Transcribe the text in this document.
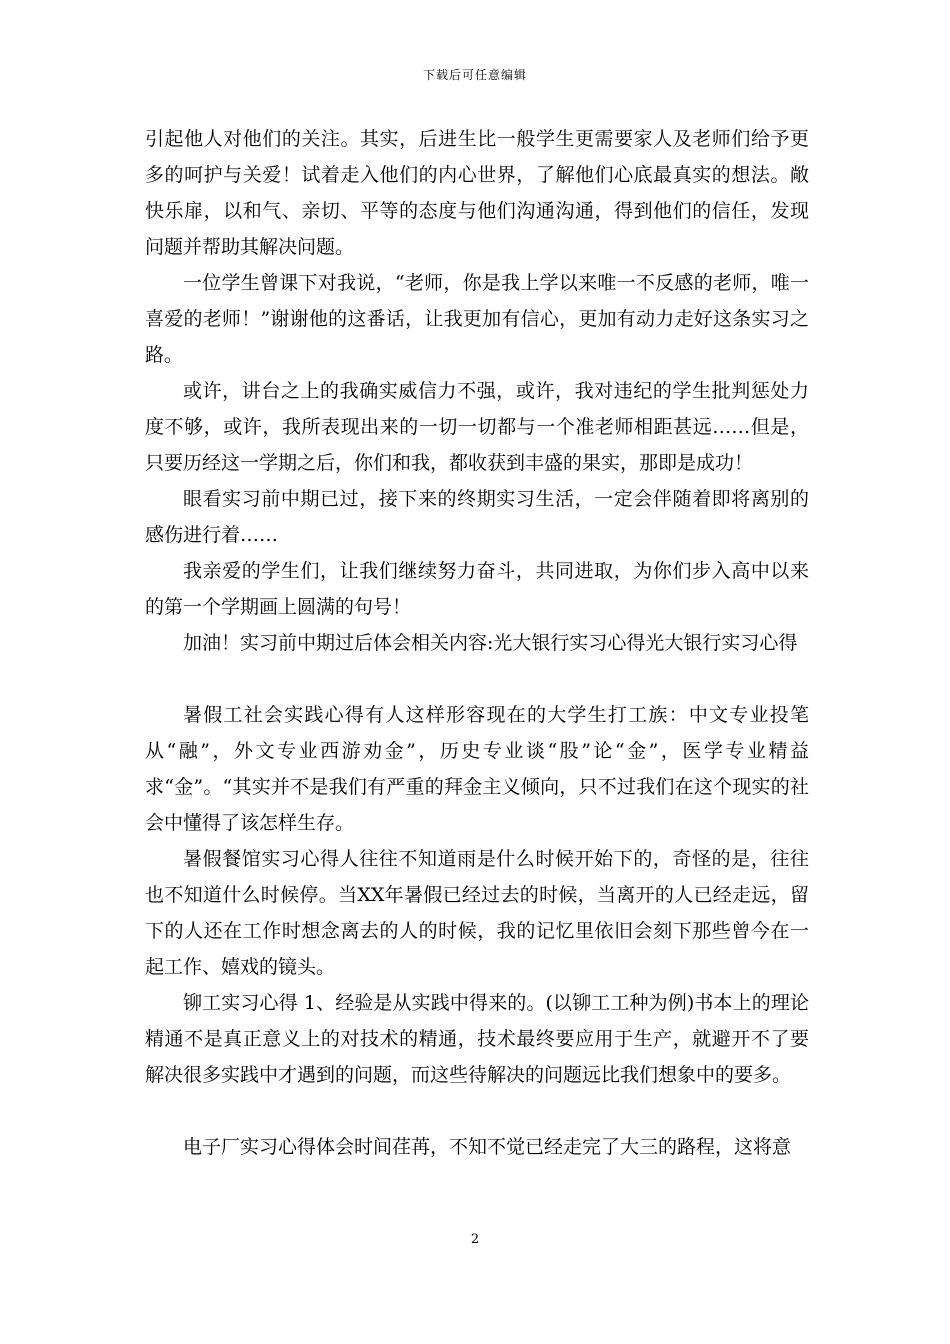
下载后可任意编辑

引起他人对他们的关注。其实，后进生比一般学生更需要家人及老师们给予更多的呵护与关爱！试着走入他们的内心世界，了解他们心底最真实的想法。敞快乐扉，以和气、亲切、平等的态度与他们沟通沟通，得到他们的信任，发现问题并帮助其解决问题。

一位学生曾课下对我说，“老师，你是我上学以来唯一不反感的老师，唯一喜爱的老师！”谢谢他的这番话，让我更加有信心，更加有动力走好这条实习之路。

或许，讲台之上的我确实威信力不强，或许，我对违纪的学生批判惩处力度不够，或许，我所表现出来的一切一切都与一个准老师相距甚远……但是，只要历经这一学期之后，你们和我，都收获到丰盛的果实，那即是成功！

眼看实习前中期已过，接下来的终期实习生活，一定会伴随着即将离别的感伤进行着……

我亲爱的学生们，让我们继续努力奋斗，共同进取，为你们步入高中以来的第一个学期画上圆满的句号！

加油！实习前中期过后体会相关内容:光大银行实习心得光大银行实习心得

暑假工社会实践心得有人这样形容现在的大学生打工族：中文专业投笔从“融”，外文专业西游劝金”，历史专业谈“股”论“金”，医学专业精益求“金”。“其实并不是我们有严重的拜金主义倾向，只不过我们在这个现实的社会中懂得了该怎样生存。

暑假餐馆实习心得人往往不知道雨是什么时候开始下的，奇怪的是，往往也不知道什么时候停。当XX年暑假已经过去的时候，当离开的人已经走远，留下的人还在工作时想念离去的人的时候，我的记忆里依旧会刻下那些曾今在一起工作、嬉戏的镜头。

铆工实习心得 1、经验是从实践中得来的。(以铆工工种为例)书本上的理论精通不是真正意义上的对技术的精通，技术最终要应用于生产，就避开不了要解决很多实践中才遇到的问题，而这些待解决的问题远比我们想象中的要多。

电子厂实习心得体会时间荏苒，不知不觉已经走完了大三的路程，这将意

2
